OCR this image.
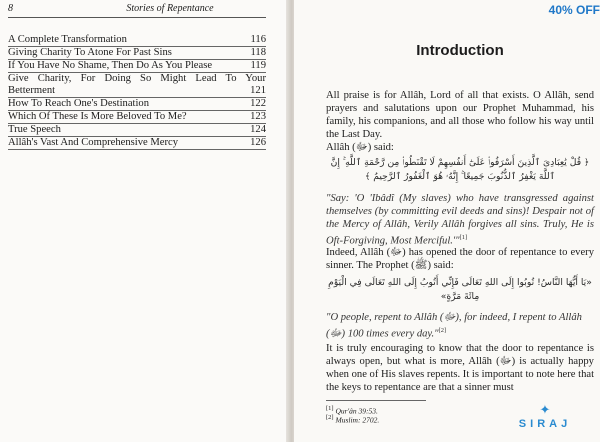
8	Stories of Repentance
A Complete Transformation	116
Giving Charity To Atone For Past Sins	118
If You Have No Shame, Then Do As You Please	119
Give Charity, For Doing So Might Lead To Your
Betterment	121
How To Reach One's Destination	122
Which Of These Is More Beloved To Me?	123
True Speech	124
Allâh's Vast And Comprehensive Mercy	126
Introduction
All praise is for Allâh, Lord of all that exists. O Allâh, send prayers and salutations upon our Prophet Muhammad, his family, his companions, and all those who follow his way until the Last Day.
Allâh (ﷻ) said:
﴿ قُلْ يَٰعِبَادِىَ ٱلَّذِينَ أَسْرَفُوا۟ عَلَىٰٓ أَنفُسِهِمْ لَا تَقْنَطُوا۟ مِن رَّحْمَةِ ٱللَّهِ ۚ إِنَّ ٱللَّهَ يَغْفِرُ ٱلذُّنُوبَ جَمِيعًا ۚ إِنَّهُۥ هُوَ ٱلْغَفُورُ ٱلرَّحِيمُ ﴾
"Say: 'O 'Ibâdî (My slaves) who have transgressed against themselves (by committing evil deeds and sins)! Despair not of the Mercy of Allâh, Verily Allâh forgives all sins. Truly, He is Oft-Forgiving, Most Merciful.'"[1]
Indeed, Allâh (ﷻ) has opened the door of repentance to every sinner. The Prophet (ﷺ) said:
«يَا أَيُّهَا النَّاسُ! تُوبُوا إِلَى اللهِ تَعَالَى فَإِنِّي أَتُوبُ إِلَى اللهِ تَعَالَى فِي الْيَوْمِ مِائَةَ مَرَّةٍ»
"O people, repent to Allâh (ﷻ), for indeed, I repent to Allâh (ﷻ) 100 times every day."[2]
It is truly encouraging to know that the door to repentance is always open, but what is more, Allâh (ﷻ) is actually happy when one of His slaves repents. It is important to note here that the keys to repentance are that a sinner must
[1] Qur'ân 39:53.
[2] Muslim: 2702.
40% OFF
✦
SIRAJ
